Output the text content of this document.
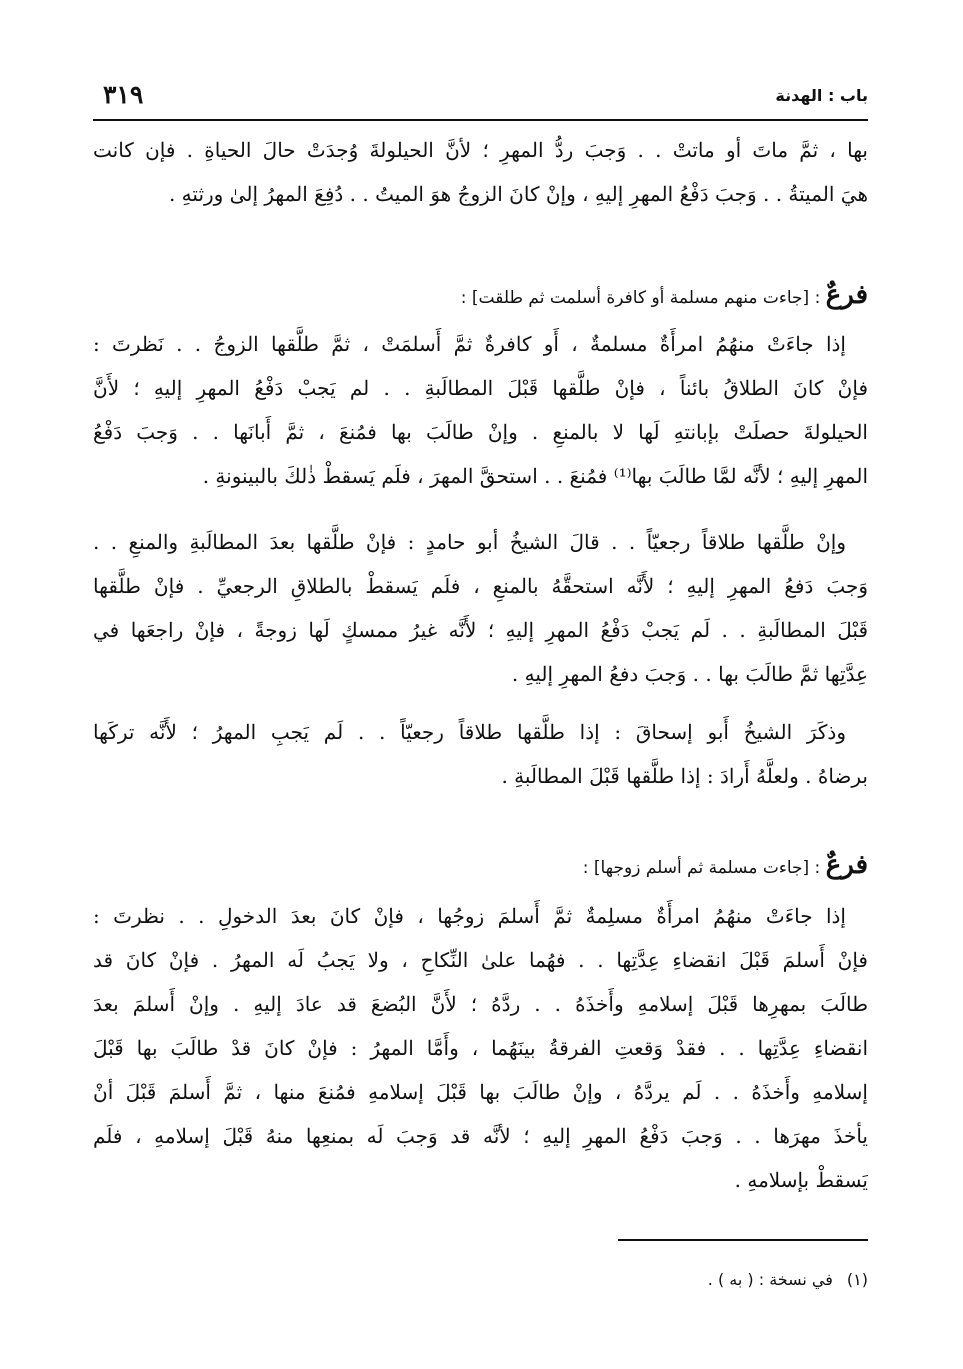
باب : الهدنة
٣١٩
بها ، ثمَّ ماتَ أو ماتتْ . . وَجبَ ردُّ المهرِ ؛ لأنَّ الحيلولةَ وُجدَتْ حالَ الحياةِ . فإن كانت
هيَ الميتةُ . . وَجبَ دَفْعُ المهرِ إليهِ ، وإنْ كانَ الزوجُ هوَ الميتُ . . دُفِعَ المهرُ إلىٰ ورثتهِ .
فرعٌ : [جاءت منهم مسلمة أو كافرة أسلمت ثم طلقت] :
إذا جاءَتْ منهُمُ امرأَةٌ مسلمةٌ ، أَو كافرةٌ ثمَّ أَسلمَتْ ، ثمَّ طلَّقها الزوجُ . . نَظرتَ :
فإنْ كانَ الطلاقُ بائناً ، فإنْ طلَّقها قَبْلَ المطالَبةِ . . لم يَجبْ دَفْعُ المهرِ إليهِ ؛ لأَنَّ
الحيلولةَ حصلَتْ بإبانتهِ لَها لا بالمنعِ . وإنْ طالَبَ بها فمُنعَ ، ثمَّ أَبانَها . . وَجبَ دَفْعُ
المهرِ إليهِ ؛ لأنَّه لمَّا طالَبَ بها⁽¹⁾ فمُنعَ . . استحقَّ المهرَ ، فلَم يَسقطْ ذٰلكَ بالبينونةِ .
وإنْ طلَّقها طلاقاً رجعيّاً . . قالَ الشيخُ أبو حامدٍ : فإنْ طلَّقها بعدَ المطالَبةِ والمنعِ . .
وَجبَ دَفعُ المهرِ إليهِ ؛ لأَنَّه استحقَّهُ بالمنعِ ، فلَم يَسقطْ بالطلاقِ الرجعيِّ . فإنْ طلَّقها
قَبْلَ المطالَبةِ . . لَم يَجبْ دَفْعُ المهرِ إليهِ ؛ لأَنَّه غيرُ ممسكٍ لَها زوجةً ، فإنْ راجعَها في
عِدَّتِها ثمَّ طالَبَ بها . . وَجبَ دفعُ المهرِ إليهِ .
وذكَرَ الشيخُ أَبو إسحاقَ : إذا طلَّقها طلاقاً رجعيّاً . . لَم يَجبِ المهرُ ؛ لأَنَّه تركَها
برضاهُ . ولعلَّهُ أَرادَ : إذا طلَّقها قَبْلَ المطالَبةِ .
فرعٌ : [جاءت مسلمة ثم أسلم زوجها] :
إذا جاءَتْ منهُمُ امرأَةٌ مسلِمةٌ ثمَّ أَسلمَ زوجُها ، فإنْ كانَ بعدَ الدخولِ . . نظرتَ :
فإنْ أَسلمَ قَبْلَ انقضاءِ عِدَّتِها . . فهُما علىٰ النِّكاحِ ، ولا يَجبُ لَه المهرُ . فإنْ كانَ قد
طالَبَ بمهرِها قَبْلَ إسلامهِ وأَخذَهُ . . ردَّهُ ؛ لأَنَّ البُضعَ قد عادَ إليهِ . وإنْ أَسلمَ بعدَ
انقضاءِ عِدَّتِها . . فقدْ وَقعتِ الفرقةُ بينَهُما ، وأَمَّا المهرُ : فإنْ كانَ قدْ طالَبَ بها قَبْلَ
إسلامهِ وأَخذَهُ . . لَم يردَّهُ ، وإنْ طالَبَ بها قَبْلَ إسلامهِ فمُنعَ منها ، ثمَّ أَسلمَ قَبْلَ أنْ
يأخذَ مهرَها . . وَجبَ دَفْعُ المهرِ إليهِ ؛ لأنَّه قد وَجبَ لَه بمنعِها منهُ قَبْلَ إسلامهِ ، فلَم
يَسقطْ بإسلامهِ .
(١)في نسخة : ( به ) .
